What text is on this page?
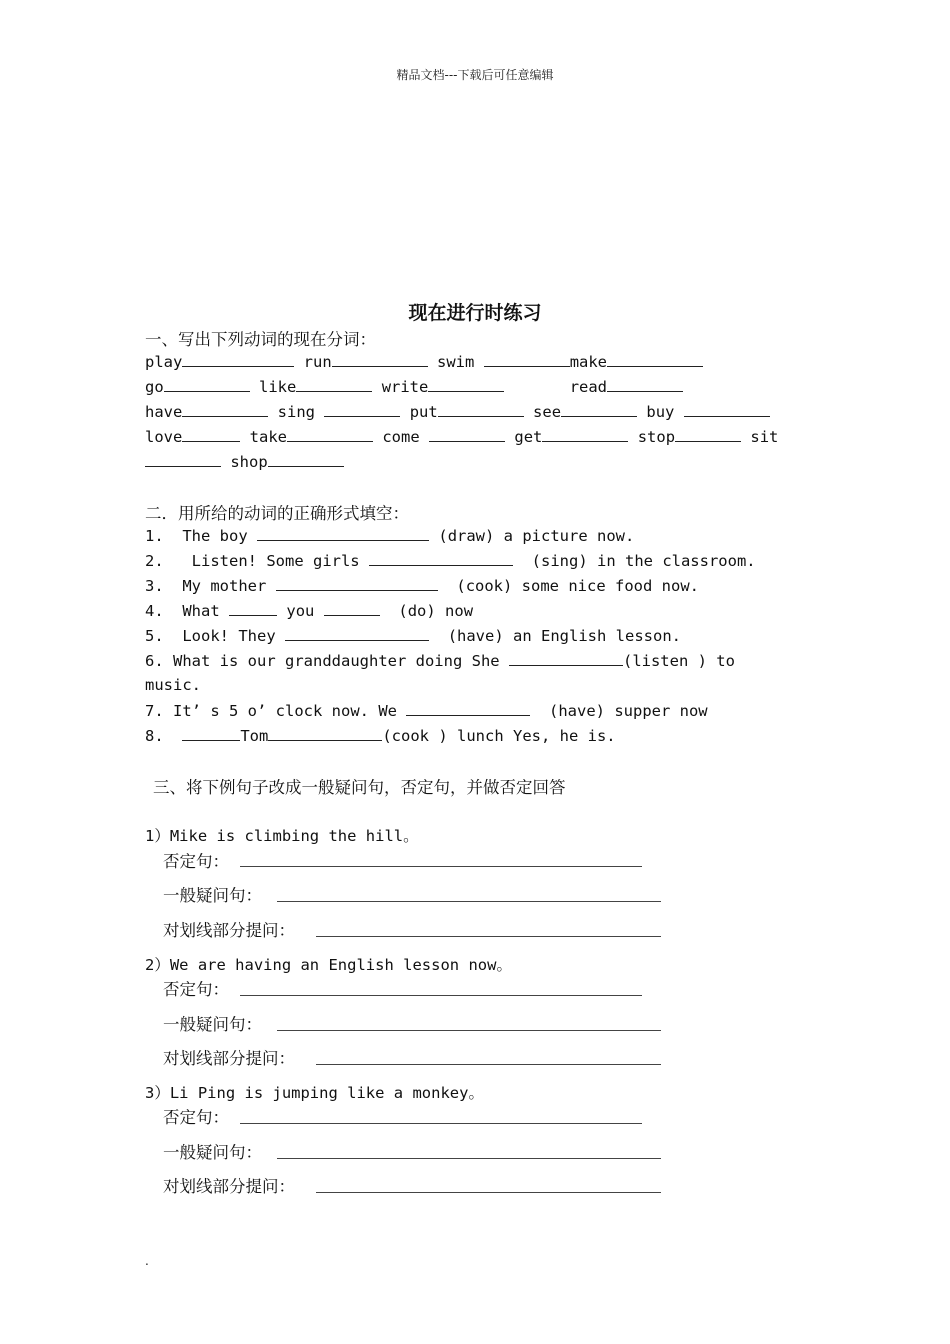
精品文档---下载后可任意编辑
现在进行时练习
一、写出下列动词的现在分词：
play	run	swim	make
go	like	write	read
have	sing	put	see	buy
love	take	come	get	stop	sit
shop
二．用所给的动词的正确形式填空：
1. The boy	(draw) a picture now.
2. Listen! Some girls	(sing) in the classroom.
3. My mother	(cook) some nice food now.
4. What	you	(do) now
5. Look! They	(have) an English lesson.
6. What is our granddaughter doing She	(listen ) to
music.
7. It’ s 5 o’ clock now. We	(have) supper now
8.	Tom	(cook ) lunch Yes, he is.
三、将下例句子改成一般疑问句，否定句，并做否定回答
1）Mike is climbing the hill。
否定句：
一般疑问句：
对划线部分提问：
2）We are having an English lesson now。
否定句：
一般疑问句：
对划线部分提问：
3）Li Ping is jumping like a monkey。
否定句：
一般疑问句：
对划线部分提问：
.
